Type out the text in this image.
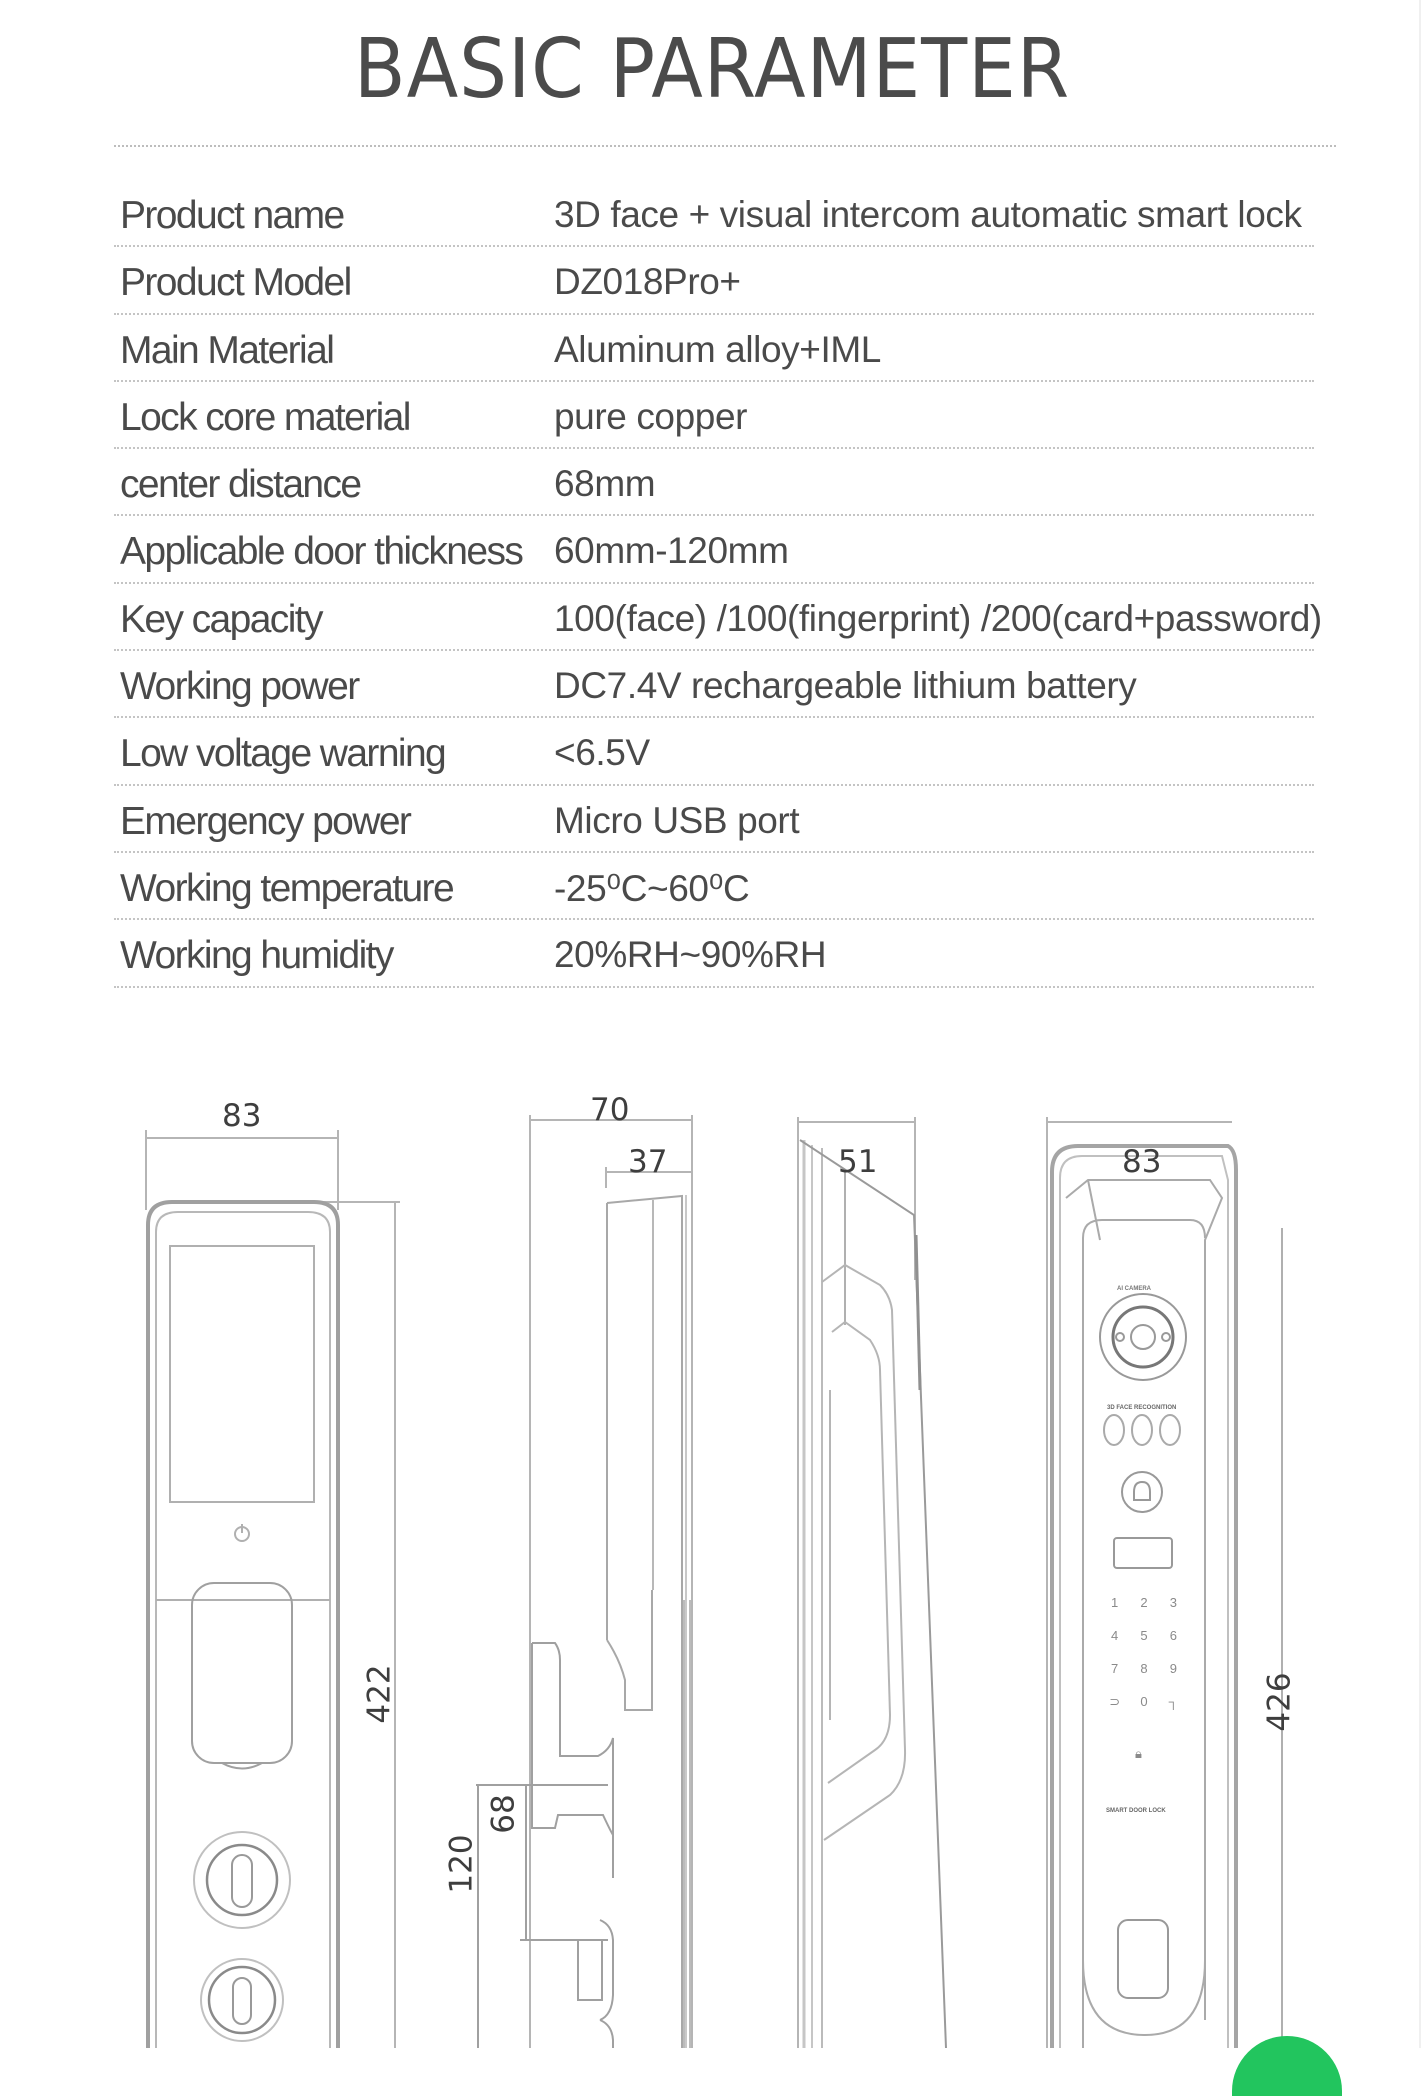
BASIC PARAMETER
Product name	3D face + visual intercom automatic smart lock
Product Model	DZ018Pro+
Main Material	Aluminum alloy+IML
Lock core material	pure copper
center distance	68mm
Applicable door thickness 60mm-120mm
Key capacity	100(face) /100(fingerprint) /200(card+password)
Working power	DC7.4V rechargeable lithium battery
Low voltage warning	<6.5V
Emergency power	Micro USB port
Working temperature	-25⁰C~60⁰C
Working humidity	20%RH~90%RH
83
422
70
37
68
120
51	83
426
AI CAMERA
3D FACE RECOGNITION
1	2	3
4	5	6
7	8	9
⊃	0	┐
🔒︎
SMART DOOR LOCK
